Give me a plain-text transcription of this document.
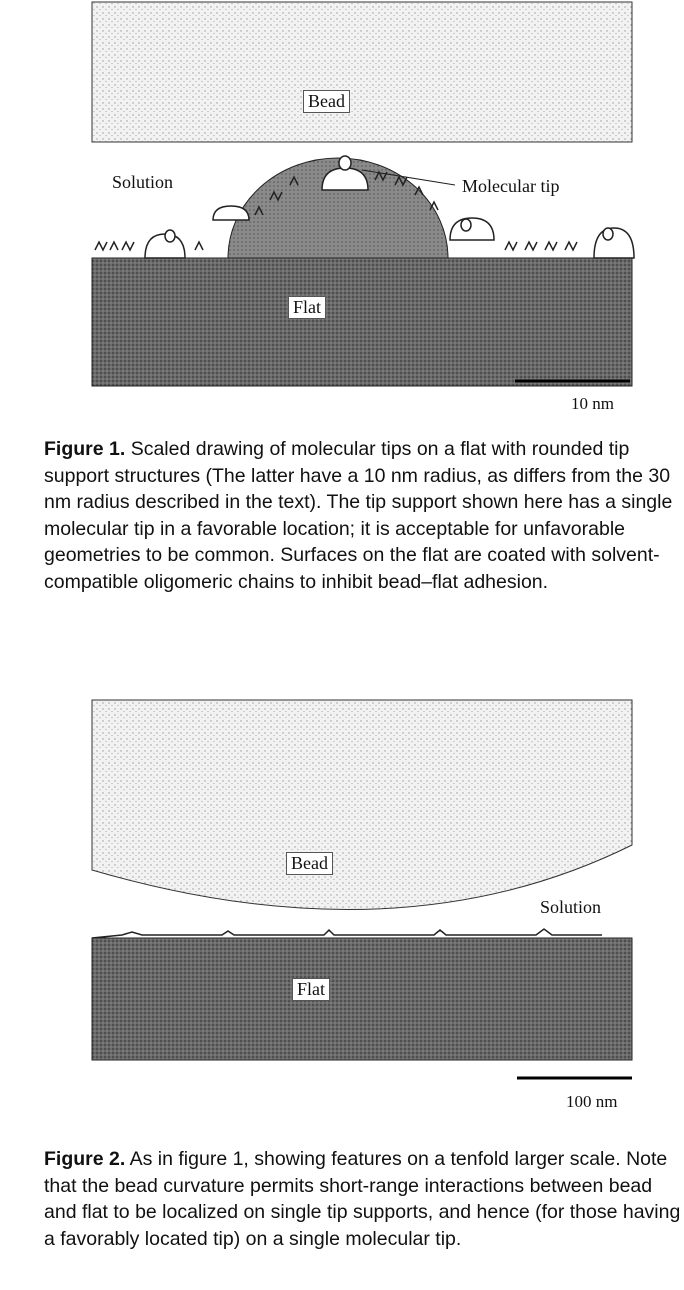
Bead
Solution	Molecular tip
Flat
10 nm
Figure 1. Scaled drawing of molecular tips on a flat with rounded tip support structures (The latter have a 10 nm radius, as differs from the 30 nm radius described in the text). The tip support shown here has a single molecular tip in a favorable location; it is acceptable for unfavorable geometries to be common. Surfaces on the flat are coated with solvent-compatible oligomeric chains to inhibit bead–flat adhesion.
Bead
Solution
Flat
100 nm
Figure 2. As in figure 1, showing features on a tenfold larger scale. Note that the bead curvature permits short-range interactions between bead and flat to be localized on single tip supports, and hence (for those having a favorably located tip) on a single molecular tip.
